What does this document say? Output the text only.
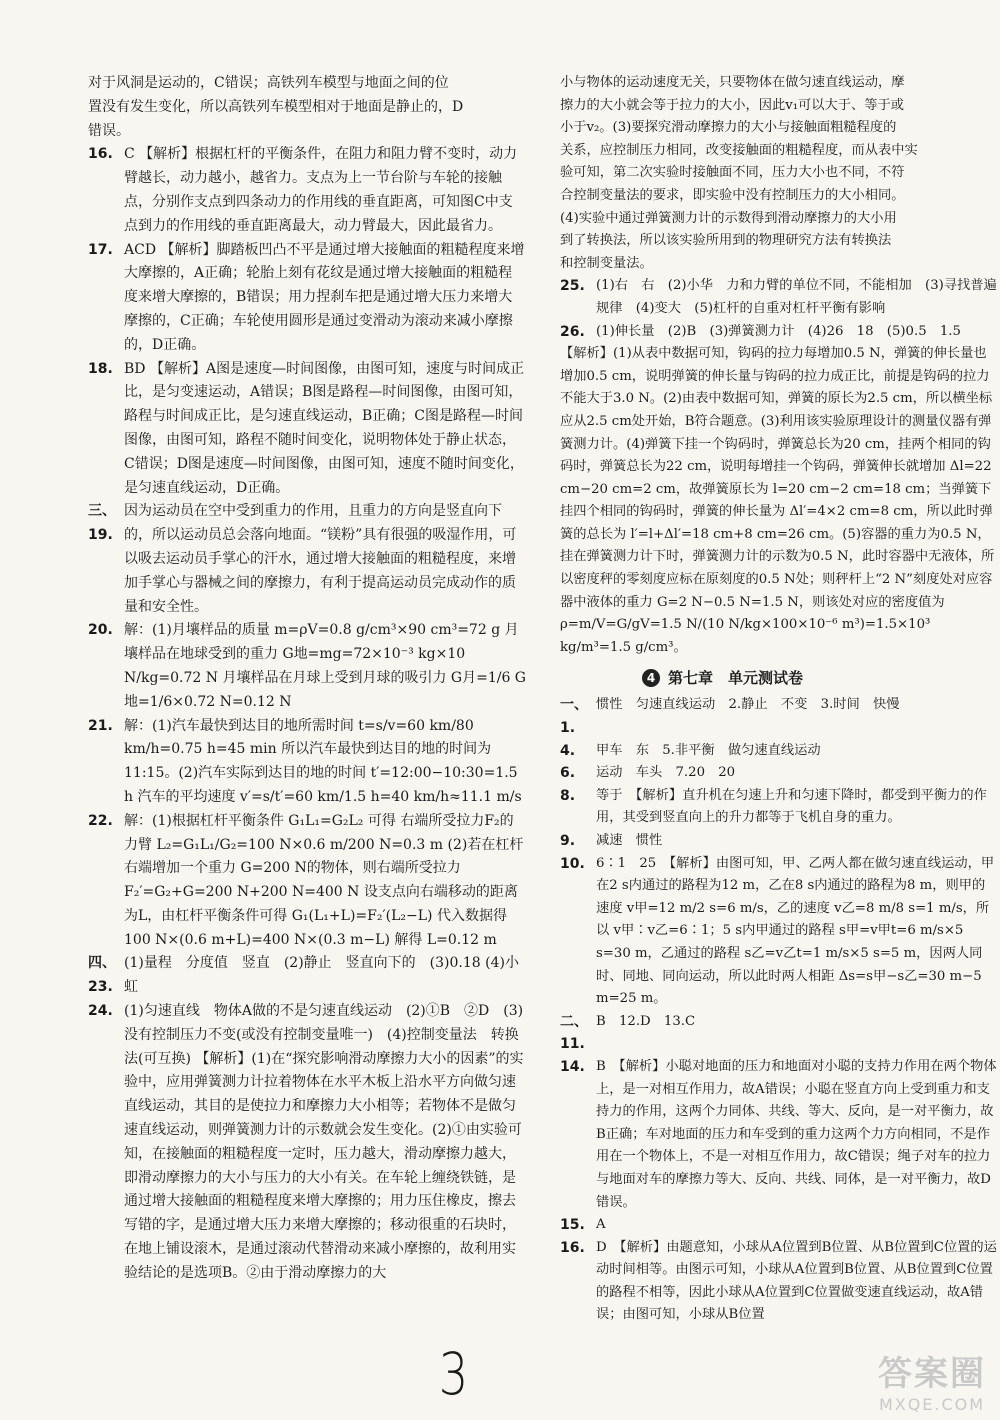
对于风洞是运动的，C错误；高铁列车模型与地面之间的位

置没有发生变化，所以高铁列车模型相对于地面是静止的，D

错误。

16. C 【解析】根据杠杆的平衡条件，在阻力和阻力臂不变时，动力臂越长，动力越小，越省力。支点为上一节台阶与车轮的接触点，分别作支点到四条动力的作用线的垂直距离，可知图C中支点到力的作用线的垂直距离最大，动力臂最大，因此最省力。
17. ACD 【解析】脚踏板凹凸不平是通过增大接触面的粗糙程度来增大摩擦的，A正确；轮胎上刻有花纹是通过增大接触面的粗糙程度来增大摩擦的，B错误；用力捏刹车把是通过增大压力来增大摩擦的，C正确；车轮使用圆形是通过变滑动为滚动来减小摩擦的，D正确。
18. BD 【解析】A图是速度—时间图像，由图可知，速度与时间成正比，是匀变速运动，A错误；B图是路程—时间图像，由图可知，路程与时间成正比，是匀速直线运动，B正确；C图是路程—时间图像，由图可知，路程不随时间变化，说明物体处于静止状态，C错误；D图是速度—时间图像，由图可知，速度不随时间变化，是匀速直线运动，D正确。
三、19.
因为运动员在空中受到重力的作用，且重力的方向是竖直向下的，所以运动员总会落向地面。“镁粉”具有很强的吸湿作用，可以吸去运动员手掌心的汗水，通过增大接触面的粗糙程度，来增加手掌心与器械之间的摩擦力，有利于提高运动员完成动作的质量和安全性。
20. 解：(1)月壤样品的质量 m=ρV=0.8 g/cm³×90 cm³=72 g 月壤样品在地球受到的重力 G地=mg=72×10⁻³ kg×10 N/kg=0.72 N 月壤样品在月球上受到月球的吸引力 G月=1/6 G地=1/6×0.72 N=0.12 N
21. 解：(1)汽车最快到达目的地所需时间 t=s/v=60 km/80 km/h=0.75 h=45 min 所以汽车最快到达目的地的时间为11:15。(2)汽车实际到达目的地的时间 t′=12:00−10:30=1.5 h 汽车的平均速度 v′=s/t′=60 km/1.5 h=40 km/h≈11.1 m/s
22. 解：(1)根据杠杆平衡条件 G₁L₁=G₂L₂ 可得 右端所受拉力F₂的力臂 L₂=G₁L₁/G₂=100 N×0.6 m/200 N=0.3 m (2)若在杠杆右端增加一个重力 G=200 N的物体，则右端所受拉力 F₂′=G₂+G=200 N+200 N=400 N 设支点向右端移动的距离为L，由杠杆平衡条件可得 G₁(L₁+L)=F₂′(L₂−L) 代入数据得 100 N×(0.6 m+L)=400 N×(0.3 m−L) 解得 L=0.12 m
四、23.
(1)量程　分度值　竖直　(2)静止　竖直向下的　(3)0.18 (4)小虹
24. (1)匀速直线　物体A做的不是匀速直线运动　(2)①B　②D　(3)没有控制压力不变(或没有控制变量唯一)　(4)控制变量法　转换法(可互换) 【解析】(1)在“探究影响滑动摩擦力大小的因素”的实验中，应用弹簧测力计拉着物体在水平木板上沿水平方向做匀速直线运动，其目的是使拉力和摩擦力大小相等；若物体不是做匀速直线运动，则弹簧测力计的示数就会发生变化。(2)①由实验可知，在接触面的粗糙程度一定时，压力越大，滑动摩擦力越大，即滑动摩擦力的大小与压力的大小有关。在车轮上缠绕铁链，是通过增大接触面的粗糙程度来增大摩擦的；用力压住橡皮，擦去写错的字，是通过增大压力来增大摩擦的；移动很重的石块时，在地上铺设滚木，是通过滚动代替滑动来减小摩擦的，故利用实验结论的是选项B。②由于滑动摩擦力的大

小与物体的运动速度无关，只要物体在做匀速直线运动，摩

擦力的大小就会等于拉力的大小，因此v₁可以大于、等于或

小于v₂。(3)要探究滑动摩擦力的大小与接触面粗糙程度的

关系，应控制压力相同，改变接触面的粗糙程度，而从表中实

验可知，第二次实验时接触面不同，压力大小也不同，不符

合控制变量法的要求，即实验中没有控制压力的大小相同。

(4)实验中通过弹簧测力计的示数得到滑动摩擦力的大小用

到了转换法，所以该实验所用到的物理研究方法有转换法

和控制变量法。

25. (1)右　右　(2)小华　力和力臂的单位不同，不能相加　(3)寻找普遍规律　(4)变大　(5)杠杆的自重对杠杆平衡有影响
26. (1)伸长量　(2)B　(3)弹簧测力计　(4)26　18　(5)0.5　1.5

【解析】(1)从表中数据可知，钩码的拉力每增加0.5 N，弹簧的伸长量也增加0.5 cm，说明弹簧的伸长量与钩码的拉力成正比，前提是钩码的拉力不能大于3.0 N。(2)由表中数据可知，弹簧的原长为2.5 cm，所以横坐标应从2.5 cm处开始，B符合题意。(3)利用该实验原理设计的测量仪器有弹簧测力计。(4)弹簧下挂一个钩码时，弹簧总长为20 cm，挂两个相同的钩码时，弹簧总长为22 cm，说明每增挂一个钩码，弹簧伸长就增加 Δl=22 cm−20 cm=2 cm，故弹簧原长为 l=20 cm−2 cm=18 cm；当弹簧下挂四个相同的钩码时，弹簧的伸长量为 Δl′=4×2 cm=8 cm，所以此时弹簧的总长为 l′=l+Δl′=18 cm+8 cm=26 cm。(5)容器的重力为0.5 N，挂在弹簧测力计下时，弹簧测力计的示数为0.5 N，此时容器中无液体，所以密度秤的零刻度应标在原刻度的0.5 N处；则秤杆上“2 N”刻度处对应容器中液体的重力 G=2 N−0.5 N=1.5 N，则该处对应的密度值为 ρ=m/V=G/gV=1.5 N/(10 N/kg×100×10⁻⁶ m³)=1.5×10³ kg/m³=1.5 g/cm³。

4 第七章　单元测试卷
一、1.
惯性　匀速直线运动　2.静止　不变　3.时间　快慢
4.	甲车　东　5.非平衡　做匀速直线运动
6.	运动　车头　7.20　20
8.	等于　【解析】直升机在匀速上升和匀速下降时，都受到平衡力的作用，其受到竖直向上的升力都等于飞机自身的重力。
9.	减速　惯性
10. 6∶1　25　【解析】由图可知，甲、乙两人都在做匀速直线运动，甲在2 s内通过的路程为12 m，乙在8 s内通过的路程为8 m，则甲的速度 v甲=12 m/2 s=6 m/s，乙的速度 v乙=8 m/8 s=1 m/s，所以 v甲∶v乙=6∶1；5 s内甲通过的路程 s甲=v甲t=6 m/s×5 s=30 m，乙通过的路程 s乙=v乙t=1 m/s×5 s=5 m，因两人同时、同地、同向运动，所以此时两人相距 Δs=s甲−s乙=30 m−5 m=25 m。
二、11.
B　12.D　13.C
14. B　【解析】小聪对地面的压力和地面对小聪的支持力作用在两个物体上，是一对相互作用力，故A错误；小聪在竖直方向上受到重力和支持力的作用，这两个力同体、共线、等大、反向，是一对平衡力，故B正确；车对地面的压力和车受到的重力这两个力方向相同，不是作用在一个物体上，不是一对相互作用力，故C错误；绳子对车的拉力与地面对车的摩擦力等大、反向、共线、同体，是一对平衡力，故D错误。
15. A
16. D　【解析】由题意知，小球从A位置到B位置、从B位置到C位置的运动时间相等。由图示可知，小球从A位置到B位置、从B位置到C位置的路程不相等，因此小球从A位置到C位置做变速直线运动，故A错误；由图可知，小球从B位置
3	答案圈
MXQE.COM
